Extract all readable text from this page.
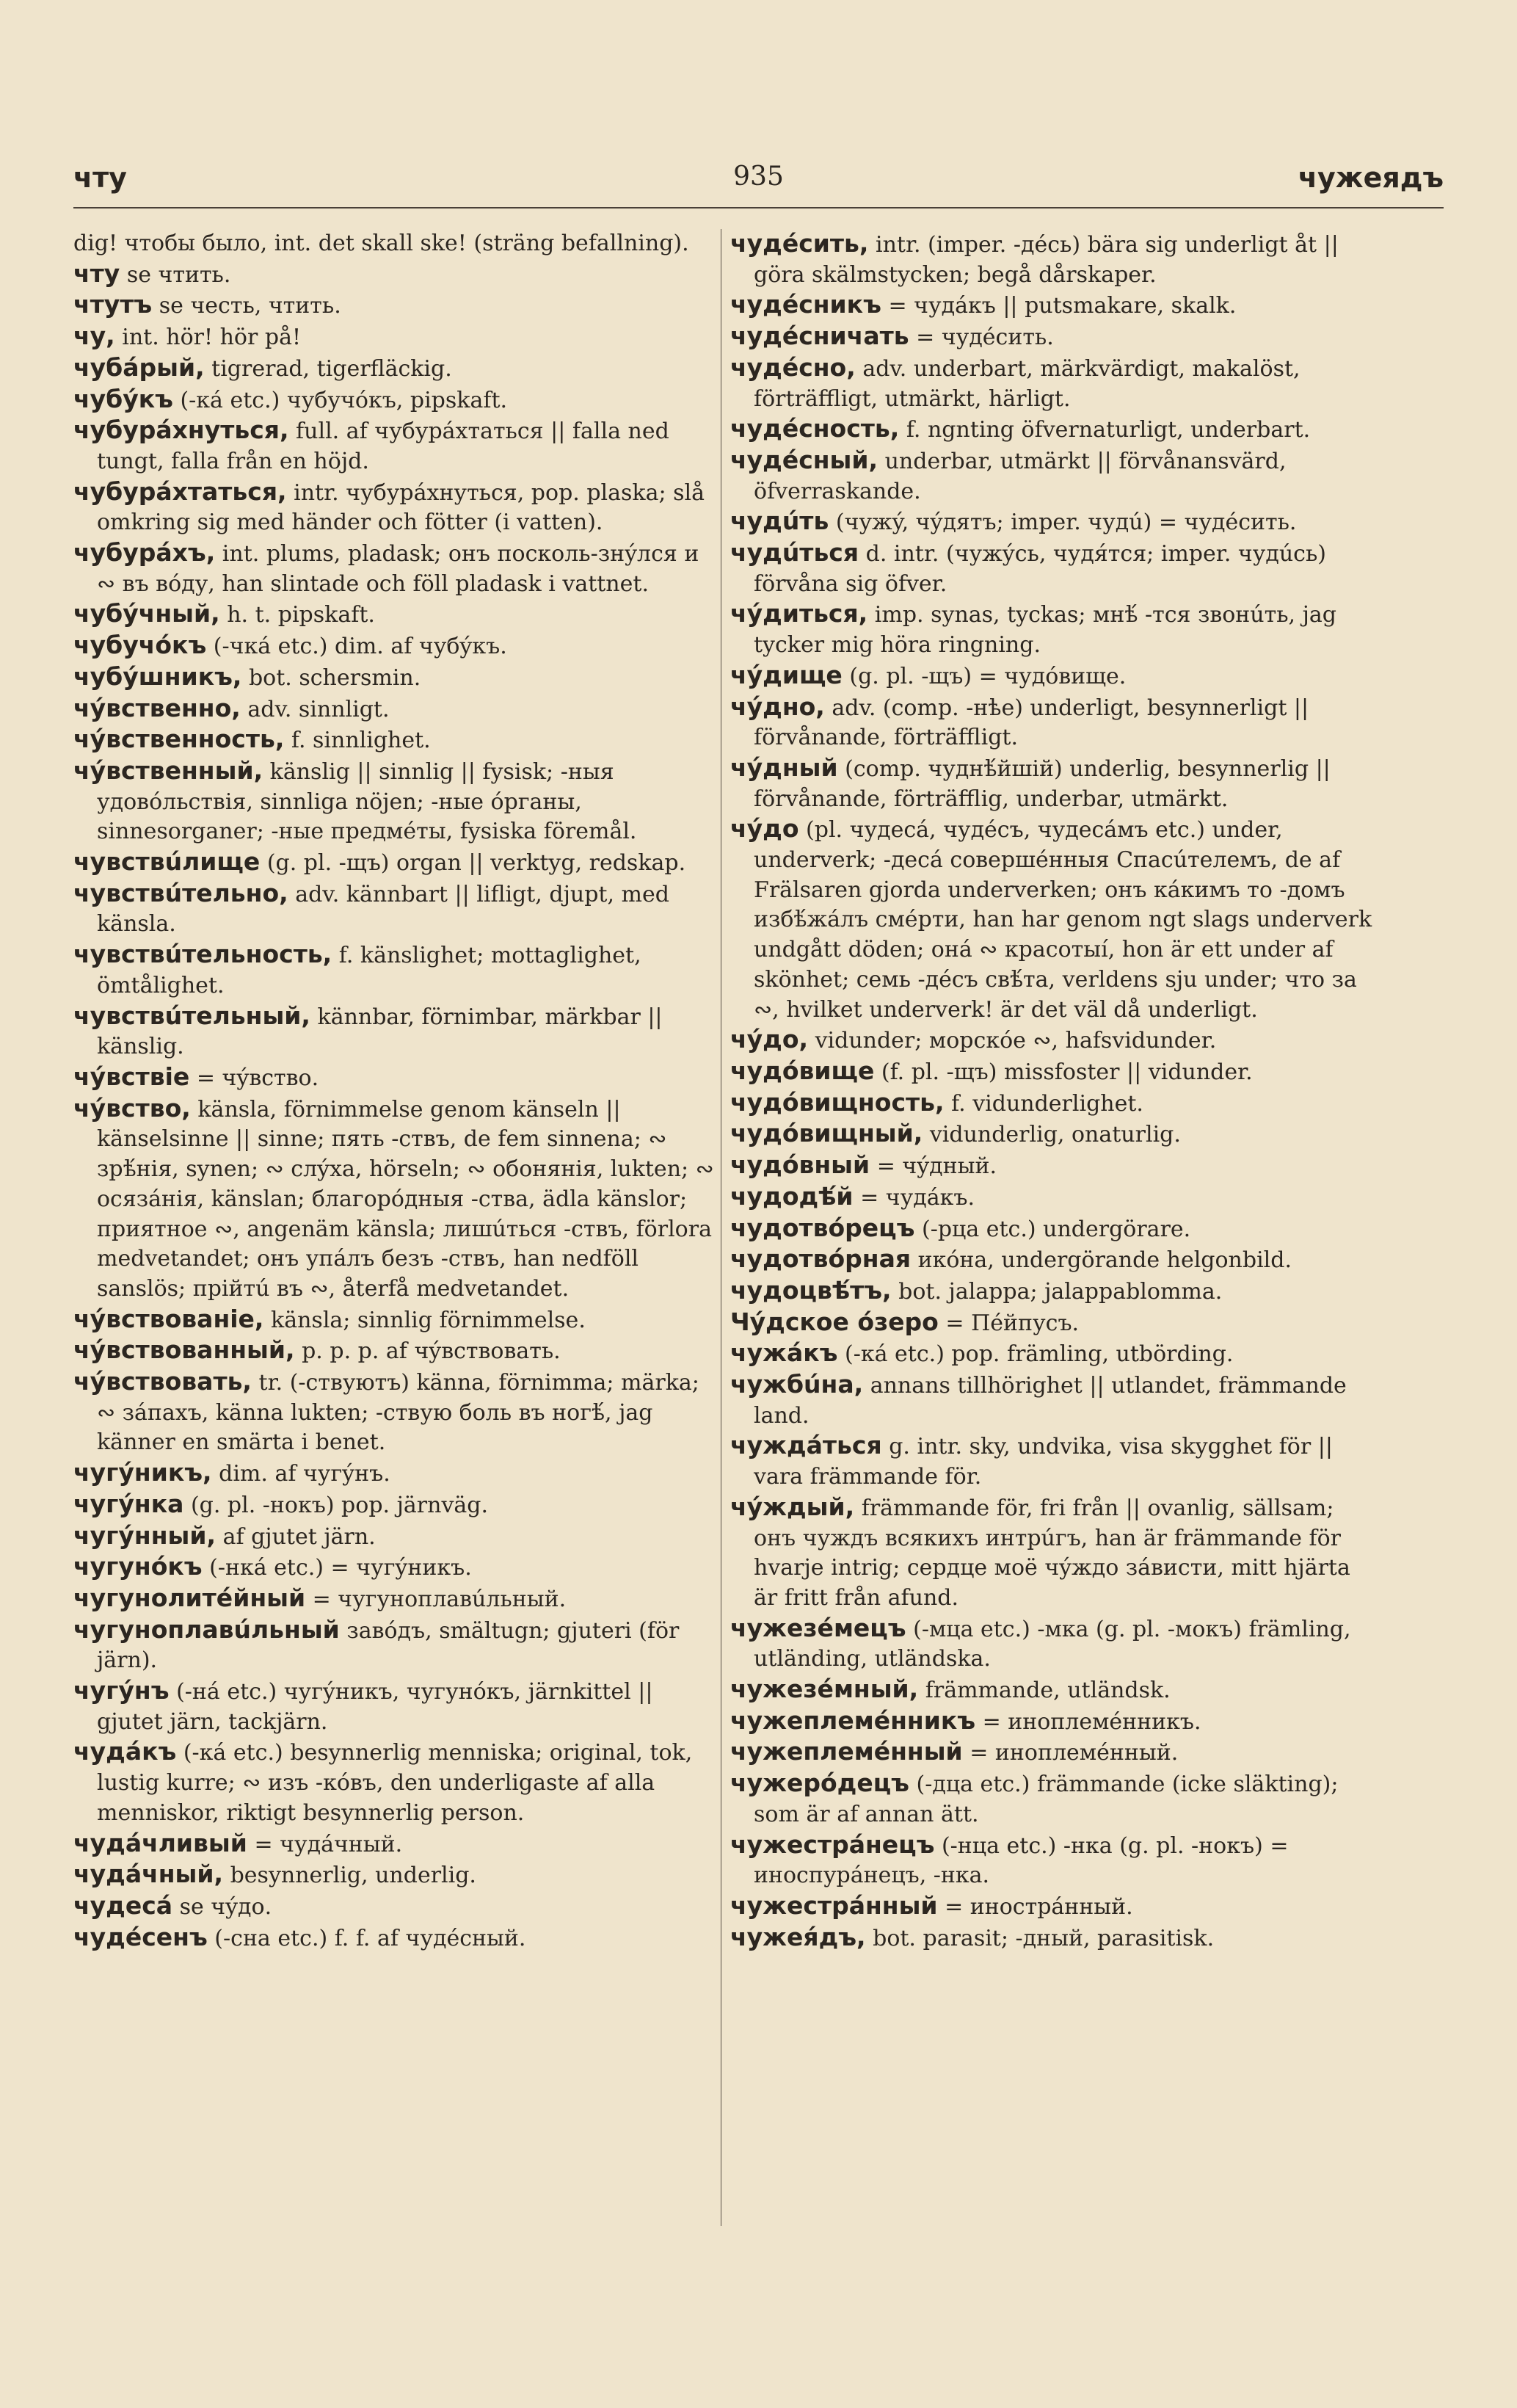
чту	935	чужеядъ

dig! чтобы было, int. det skall ske! (sträng befallning).

чту se чтить.

чтутъ se честь, чтить.

чу, int. hör! hör på!

чубáрый, tigrerad, tigerfläckig.

чубýкъ (-кá etc.) чубучóкъ, pipskaft.

чубурáхнуться, full. af чубурáхтаться || falla ned tungt, falla från en höjd.

чубурáхтаться, intr. чубурáхнуться, pop. plaska; slå omkring sig med händer och fötter (i vatten).

чубурáхъ, int. plums, pladask; онъ посколь-знýлся и ∾ въ вóду, han slintade och föll pladask i vattnet.

чубýчный, h. t. pipskaft.

чубучóкъ (-чкá etc.) dim. af чубýкъ.

чубýшникъ, bot. schersmin.

чýвственно, adv. sinnligt.

чýвственность, f. sinnlighet.

чýвственный, känslig || sinnlig || fysisk; -ныя удовóльствія, sinnliga nöjen; -ные óрганы, sinnesorganer; -ные предмéты, fysiska föremål.

чувствúлище (g. pl. -щъ) organ || verktyg, redskap.

чувствúтельно, adv. kännbart || lifligt, djupt, med känsla.

чувствúтельность, f. känslighet; mottaglighet, ömtålighet.

чувствúтельный, kännbar, förnimbar, märkbar || känslig.

чýвствіе = чýвство.

чýвство, känsla, förnimmelse genom känseln || känselsinne || sinne; пять -ствъ, de fem sinnena; ∾ зрѣ́нія, synen; ∾ слýха, hörseln; ∾ обонянія, lukten; ∾ осязáнія, känslan; благорóдныя -ства, ädla känslor; приятное ∾, angenäm känsla; лишúться -ствъ, förlora medvetandet; онъ упáлъ безъ -ствъ, han nedföll sanslös; прійтú въ ∾, återfå medvetandet.

чýвствованіе, känsla; sinnlig förnimmelse.

чýвствованный, p. p. p. af чýвствовать.

чýвствовать, tr. (-ствуютъ) känna, förnimma; märka; ∾ зáпахъ, känna lukten; -ствую боль въ ногѣ́, jag känner en smärta i benet.

чугýникъ, dim. af чугýнъ.

чугýнка (g. pl. -нокъ) pop. järnväg.

чугýнный, af gjutet järn.

чугунóкъ (-нкá etc.) = чугýникъ.

чугунолитéйный = чугуноплавúльный.

чугуноплавúльный завóдъ, smältugn; gjuteri (för järn).

чугýнъ (-нá etc.) чугýникъ, чугунóкъ, järnkittel || gjutet järn, tackjärn.

чудáкъ (-кá etc.) besynnerlig menniska; original, tok, lustig kurre; ∾ изъ -кóвъ, den underligaste af alla menniskor, riktigt besynnerlig person.

чудáчливый = чудáчный.

чудáчный, besynnerlig, underlig.

чудесá se чýдо.

чудéсенъ (-сна etc.) f. f. af чудéсный.

чудéсить, intr. (imper. -дéсь) bära sig underligt åt || göra skälmstycken; begå dårskaper.

чудéсникъ = чудáкъ || putsmakare, skalk.

чудéсничать = чудéсить.

чудéсно, adv. underbart, märkvärdigt, makalöst, förträffligt, utmärkt, härligt.

чудéсность, f. ngnting öfvernaturligt, underbart.

чудéсный, underbar, utmärkt || förvånansvärd, öfverraskande.

чудúть (чужý, чýдятъ; imper. чудú) = чудéсить.

чудúться d. intr. (чужýсь, чудя́тся; imper. чудúсь) förvåna sig öfver.

чýдиться, imp. synas, tyckas; мнѣ́ -тся звонúть, jag tycker mig höra ringning.

чýдище (g. pl. -щъ) = чудóвище.

чýдно, adv. (comp. -нѣе) underligt, besynnerligt || förvånande, förträffligt.

чýдный (comp. чуднѣ́йшій) underlig, besynnerlig || förvånande, förträfflig, underbar, utmärkt.

чýдо (pl. чудесá, чудéсъ, чудесáмъ etc.) under, underverk; -десá совершéнныя Спасúтелемъ, de af Frälsaren gjorda underverken; онъ кáкимъ то -домъ избѣ́жáлъ смéрти, han har genom ngt slags underverk undgått döden; онá ∾ красотыí, hon är ett under af skönhet; семь -дéсъ свѣ́та, verldens sju under; что за ∾, hvilket underverk! är det väl då underligt.

чýдо, vidunder; морскóе ∾, hafsvidunder.

чудóвище (f. pl. -щъ) missfoster || vidunder.

чудóвищность, f. vidunderlighet.

чудóвищный, vidunderlig, onaturlig.

чудóвный = чýдный.

чудодѣ́й = чудáкъ.

чудотвóрецъ (-рца etc.) undergörare.

чудотвóрная икóна, undergörande helgonbild.

чудоцвѣ́тъ, bot. jalappa; jalappablomma.

Чýдское óзеро = Пéйпусъ.

чужáкъ (-кá etc.) pop. främling, utbörding.

чужбúна, annans tillhörighet || utlandet, främmande land.

чуждáться g. intr. sky, undvika, visa skygghet för || vara främmande för.

чýждый, främmande för, fri från || ovanlig, sällsam; онъ чуждъ всякихъ интрúгъ, han är främmande för hvarje intrig; сердце моё чýждо зáвисти, mitt hjärta är fritt från afund.

чужезéмецъ (-мца etc.) -мка (g. pl. -мокъ) främling, utländing, utländska.

чужезéмный, främmande, utländsk.

чужеплемéнникъ = иноплемéнникъ.

чужеплемéнный = иноплемéнный.

чужерóдецъ (-дца etc.) främmande (icke släkting); som är af annan ätt.

чужестрáнецъ (-нца etc.) -нка (g. pl. -нокъ) = иноспурáнецъ, -нка.

чужестрáнный = инострáнный.

чужея́дъ, bot. parasit; -дный, parasitisk.
